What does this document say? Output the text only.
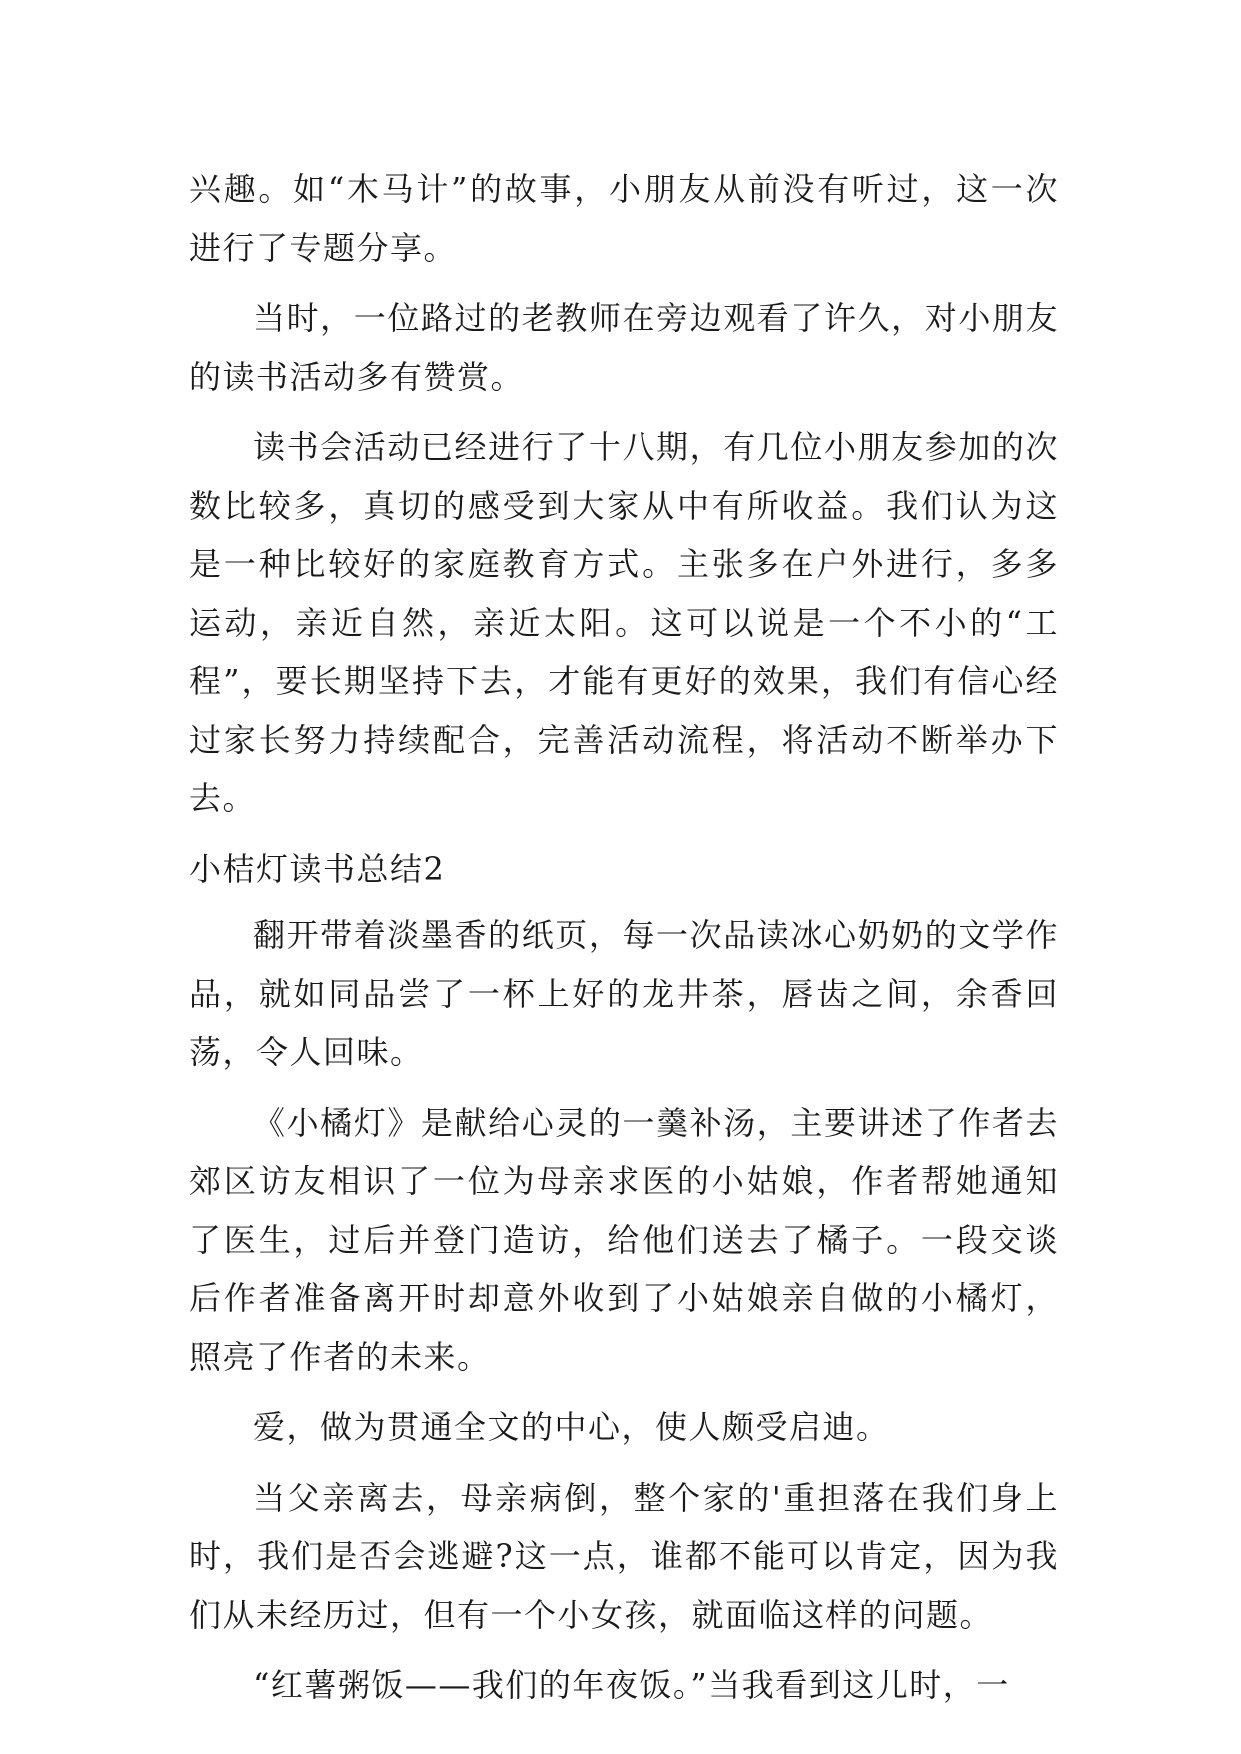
兴趣。如“木马计”的故事，小朋友从前没有听过，这一次进行了专题分享。

当时，一位路过的老教师在旁边观看了许久，对小朋友的读书活动多有赞赏。

读书会活动已经进行了十八期，有几位小朋友参加的次数比较多，真切的感受到大家从中有所收益。我们认为这是一种比较好的家庭教育方式。主张多在户外进行，多多运动，亲近自然，亲近太阳。这可以说是一个不小的“工程”，要长期坚持下去，才能有更好的效果，我们有信心经过家长努力持续配合，完善活动流程，将活动不断举办下去。

小桔灯读书总结2

翻开带着淡墨香的纸页，每一次品读冰心奶奶的文学作品，就如同品尝了一杯上好的龙井茶，唇齿之间，余香回荡，令人回味。

《小橘灯》是献给心灵的一羹补汤，主要讲述了作者去郊区访友相识了一位为母亲求医的小姑娘，作者帮她通知了医生，过后并登门造访，给他们送去了橘子。一段交谈后作者准备离开时却意外收到了小姑娘亲自做的小橘灯，照亮了作者的未来。

爱，做为贯通全文的中心，使人颇受启迪。

当父亲离去，母亲病倒，整个家的'重担落在我们身上时，我们是否会逃避?这一点，谁都不能可以肯定，因为我们从未经历过，但有一个小女孩，就面临这样的问题。

“红薯粥饭——我们的年夜饭。”当我看到这儿时，一
